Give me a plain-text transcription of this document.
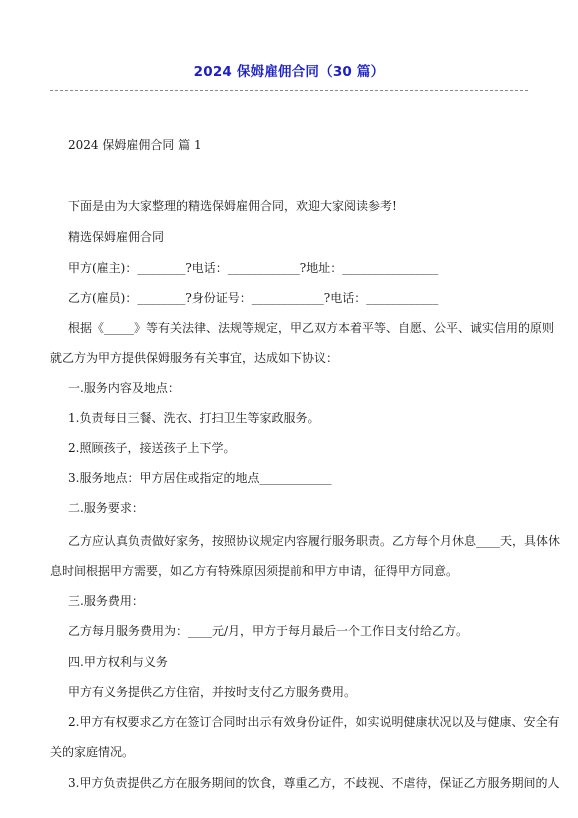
2024 保姆雇佣合同（30 篇）
2024 保姆雇佣合同 篇 1
下面是由为大家整理的精选保姆雇佣合同，欢迎大家阅读参考!
精选保姆雇佣合同
甲方(雇主)：________?电话：____________?地址：________________
乙方(雇员)：________?身份证号：____________?电话：____________
根据《_____》等有关法律、法规等规定，甲乙双方本着平等、自愿、公平、诚实信用的原则
就乙方为甲方提供保姆服务有关事宜，达成如下协议：
一.服务内容及地点：
1.负责每日三餐、洗衣、打扫卫生等家政服务。
2.照顾孩子，接送孩子上下学。
3.服务地点：甲方居住或指定的地点____________
二.服务要求：
乙方应认真负责做好家务，按照协议规定内容履行服务职责。乙方每个月休息____天，具体休
息时间根据甲方需要，如乙方有特殊原因须提前和甲方申请，征得甲方同意。
三.服务费用：
乙方每月服务费用为：____元/月，甲方于每月最后一个工作日支付给乙方。
四.甲方权利与义务
甲方有义务提供乙方住宿，并按时支付乙方服务费用。
2.甲方有权要求乙方在签订合同时出示有效身份证件，如实说明健康状况以及与健康、安全有
关的家庭情况。
3.甲方负责提供乙方在服务期间的饮食，尊重乙方，不歧视、不虐待，保证乙方服务期间的人
